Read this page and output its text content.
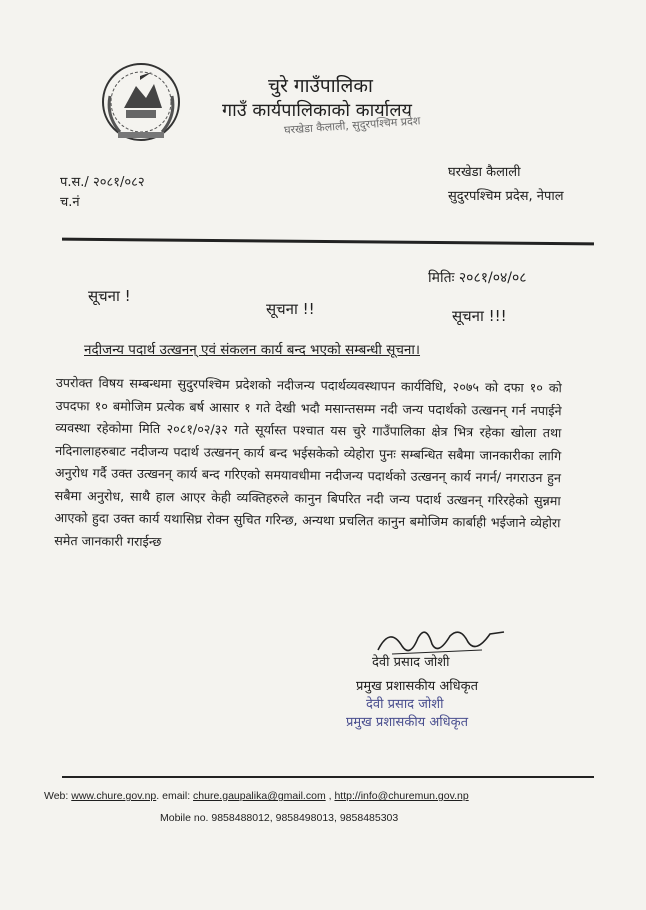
चुरे गाउँपालिका
गाउँ कार्यपालिकाको कार्यालय
घरखेडा कैलाली, सुदुरपश्चिम प्रदेश
प.स./ २०८१/०८२
च.नं
घरखेडा कैलाली
सुदुरपश्चिम प्रदेस, नेपाल
मितिः २०८१/०४/०८
सूचना !
सूचना !!	सूचना !!!
नदीजन्य पदार्थ उत्खनन् एवं संकलन कार्य बन्द भएको सम्बन्धी सूचना।
उपरोक्त विषय सम्बन्धमा सुदुरपश्चिम प्रदेशको नदीजन्य पदार्थव्यवस्थापन कार्यविधि, २०७५ को दफा १० को उपदफा १० बमोजिम प्रत्येक बर्ष आसार १ गते देखी भदौ मसान्तसम्म नदी जन्य पदार्थको उत्खनन् गर्न नपाईने व्यवस्था रहेकोमा मिति २०८१/०२/३२ गते सूर्यास्त पश्चात यस चुरे गाउँपालिका क्षेत्र भित्र रहेका खोला तथा नदिनालाहरुबाट नदीजन्य पदार्थ उत्खनन् कार्य बन्द भईसकेको व्येहोरा पुनः सम्बन्धित सबैमा जानकारीका लागि अनुरोध गर्दै उक्त उत्खनन् कार्य बन्द गरिएको समयावधीमा नदीजन्य पदार्थको उत्खनन् कार्य नगर्न/ नगराउन हुन सबैमा अनुरोध, साथै हाल आएर केही व्यक्तिहरुले कानुन बिपरित नदी जन्य पदार्थ उत्खनन् गरिरहेको सुन्नमा आएको हुदा उक्त कार्य यथासिघ्र रोक्न सुचित गरिन्छ, अन्यथा प्रचलित कानुन बमोजिम कार्बाही भईजाने व्येहोरा समेत जानकारी गराईन्छ
देवी प्रसाद जोशी
प्रमुख प्रशासकीय अधिकृत
देवी प्रसाद जोशी
प्रमुख प्रशासकीय अधिकृत
Web: www.chure.gov.np. email: chure.gaupalika@gmail.com , http://info@churemun.gov.np
Mobile no. 9858488012, 9858498013, 9858485303
